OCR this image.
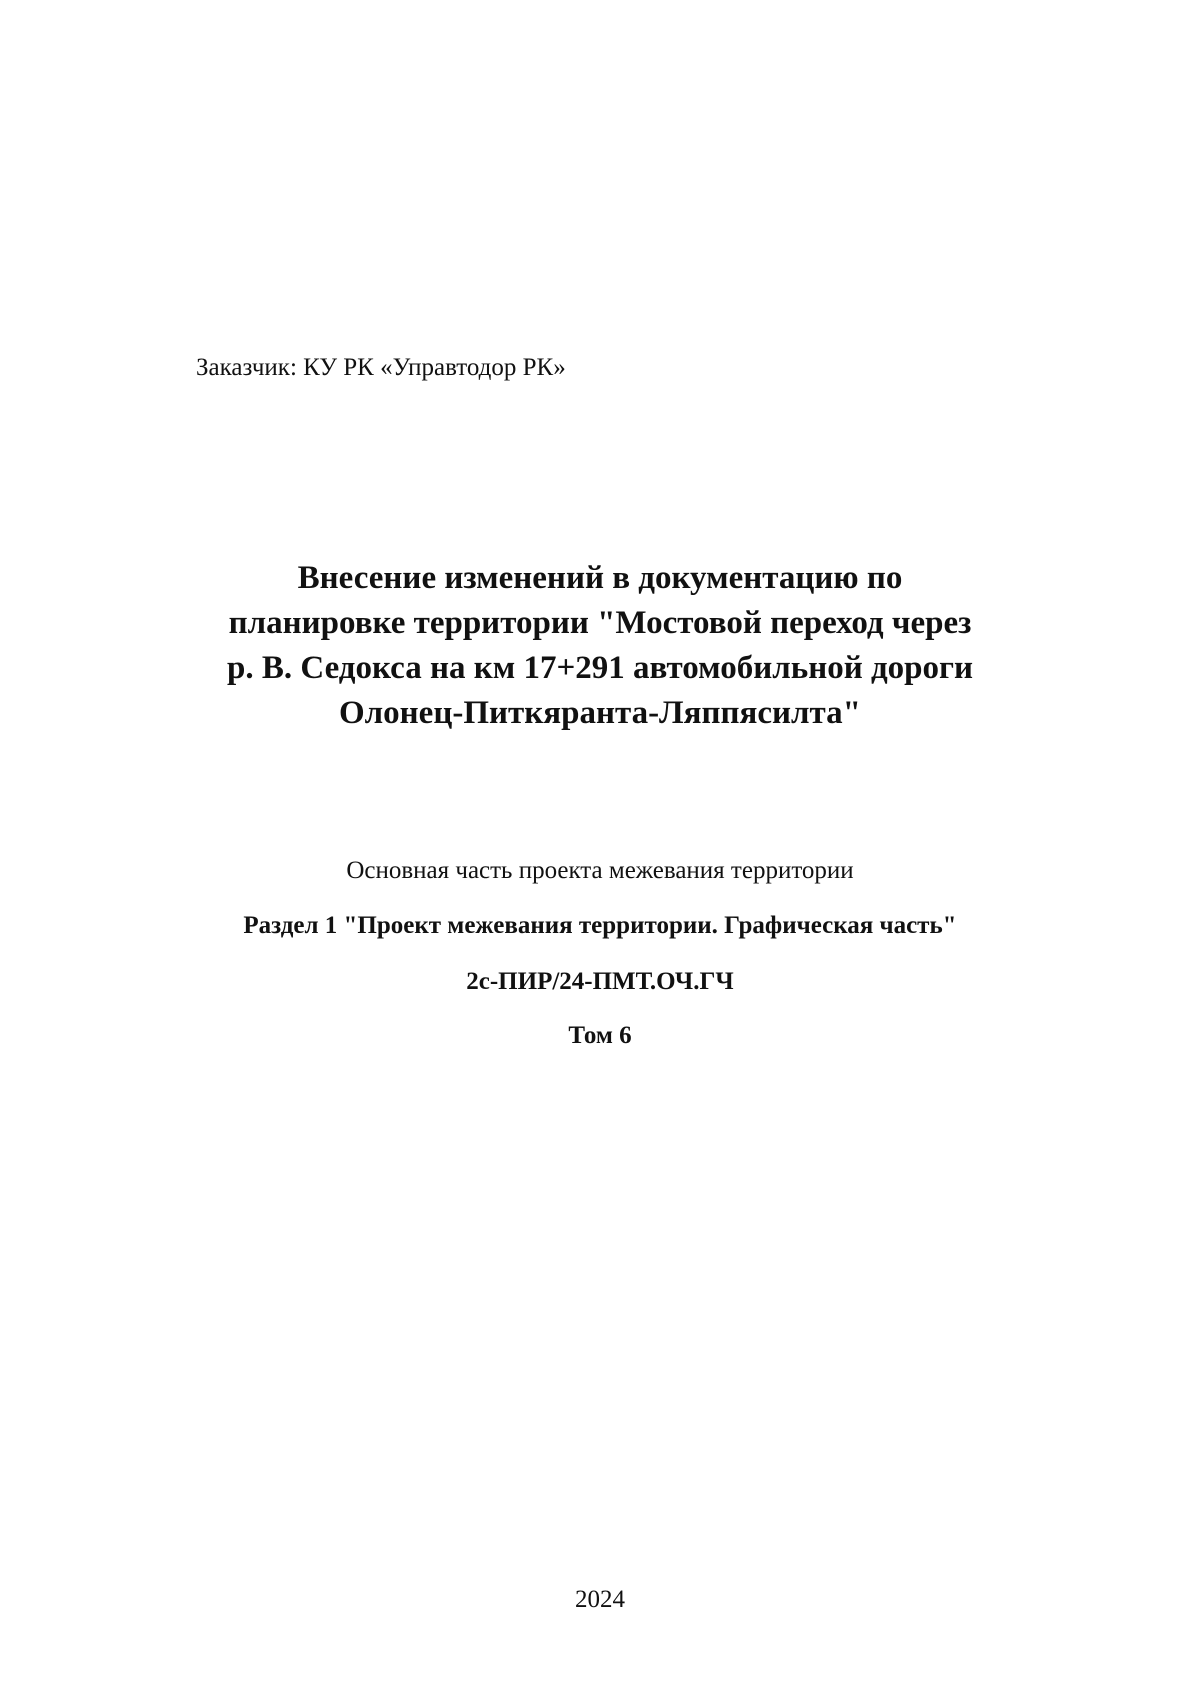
Заказчик: КУ РК «Управтодор РК»
Внесение изменений в документацию по
планировке территории "Мостовой переход через
р. В. Седокса на км 17+291 автомобильной дороги
Олонец-Питкяранта-Ляппясилта"
Основная часть проекта межевания территории
Раздел 1 "Проект межевания территории. Графическая часть"
2с-ПИР/24-ПМТ.ОЧ.ГЧ
Том 6
2024
